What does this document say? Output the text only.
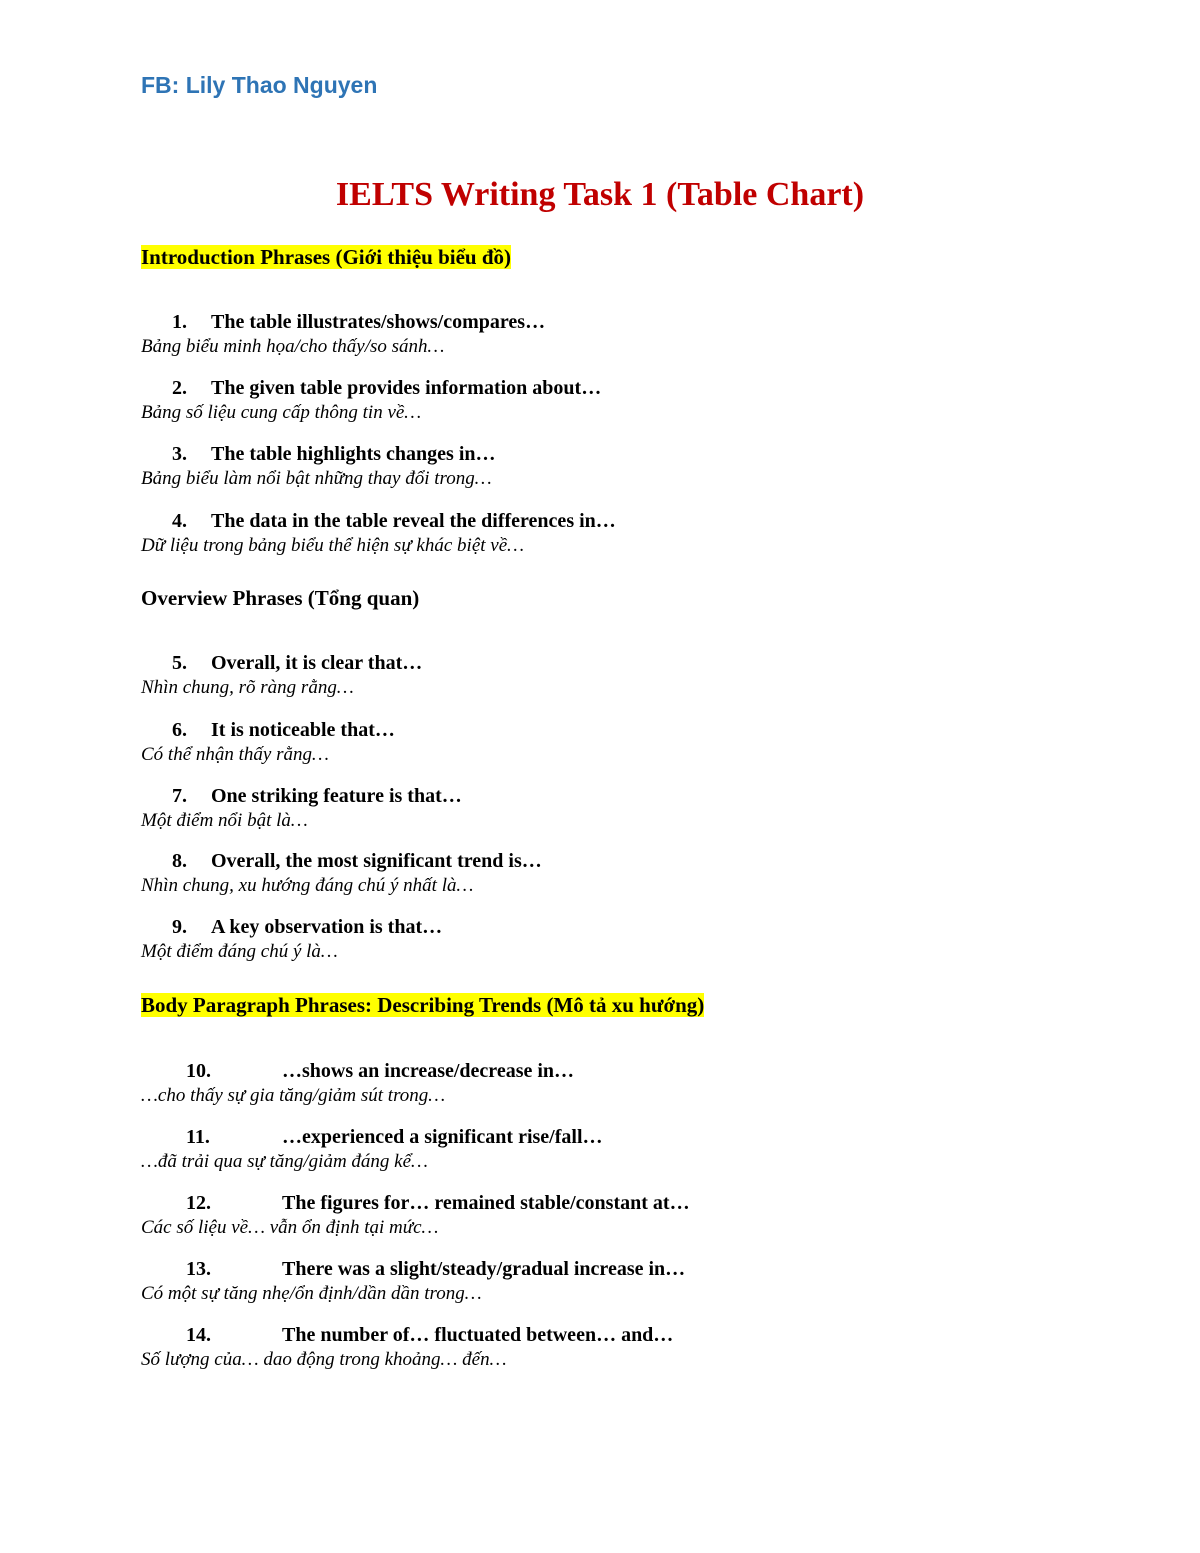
FB: Lily Thao Nguyen
IELTS Writing Task 1 (Table Chart)
Introduction Phrases (Giới thiệu biểu đồ)
1. The table illustrates/shows/compares…
Bảng biểu minh họa/cho thấy/so sánh…
2. The given table provides information about…
Bảng số liệu cung cấp thông tin về…
3. The table highlights changes in…
Bảng biểu làm nổi bật những thay đổi trong…
4. The data in the table reveal the differences in…
Dữ liệu trong bảng biểu thể hiện sự khác biệt về…
Overview Phrases (Tổng quan)
5. Overall, it is clear that…
Nhìn chung, rõ ràng rằng…
6. It is noticeable that…
Có thể nhận thấy rằng…
7. One striking feature is that…
Một điểm nổi bật là…
8. Overall, the most significant trend is…
Nhìn chung, xu hướng đáng chú ý nhất là…
9. A key observation is that…
Một điểm đáng chú ý là…
Body Paragraph Phrases: Describing Trends (Mô tả xu hướng)
10.	…shows an increase/decrease in…
…cho thấy sự gia tăng/giảm sút trong…
11.	…experienced a significant rise/fall…
…đã trải qua sự tăng/giảm đáng kể…
12.	The figures for… remained stable/constant at…
Các số liệu về… vẫn ổn định tại mức…
13.	There was a slight/steady/gradual increase in…
Có một sự tăng nhẹ/ổn định/dần dần trong…
14.	The number of… fluctuated between… and…
Số lượng của… dao động trong khoảng… đến…
